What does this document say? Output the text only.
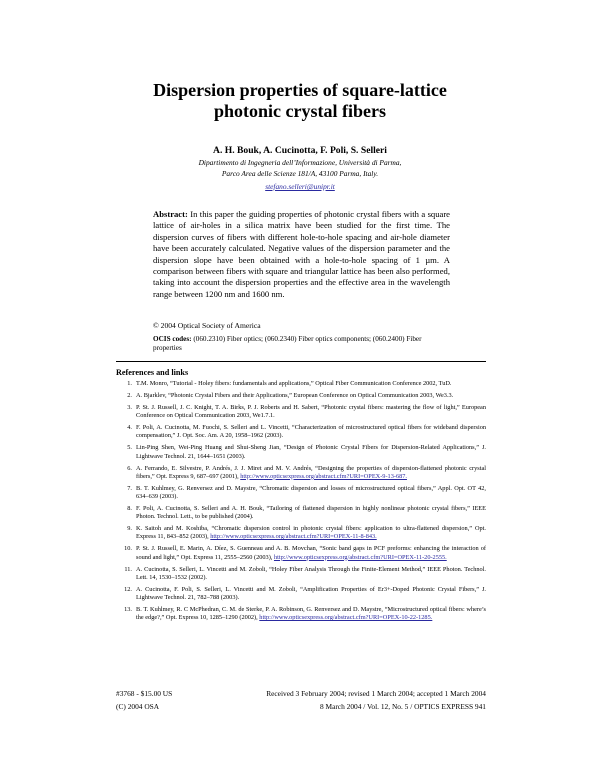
Dispersion properties of square-lattice
photonic crystal fibers
A. H. Bouk, A. Cucinotta, F. Poli, S. Selleri
Dipartimento di Ingegneria dell’Informazione, Università di Parma,
Parco Area delle Scienze 181/A, 43100 Parma, Italy.
stefano.selleri@unipr.it
Abstract: In this paper the guiding properties of photonic crystal fibers with a square lattice of air-holes in a silica matrix have been studied for the first time. The dispersion curves of fibers with different hole-to-hole spacing and air-hole diameter have been accurately calculated. Negative values of the dispersion parameter and the dispersion slope have been obtained with a hole-to-hole spacing of 1 µm. A comparison between fibers with square and triangular lattice has been also performed, taking into account the dispersion properties and the effective area in the wavelength range between 1200 nm and 1600 nm.
© 2004 Optical Society of America
OCIS codes: (060.2310) Fiber optics; (060.2340) Fiber optics components; (060.2400) Fiber properties
References and links
1. T.M. Monro, “Tutorial - Holey fibers: fundamentals and applications,” Optical Fiber Communication Conference 2002, TuD.
2. A. Bjarklev, “Photonic Crystal Fibers and their Applications,” European Conference on Optical Communication 2003, We3.3.
3. P. St. J. Russell, J. C. Knight, T. A. Birks, P. J. Roberts and H. Sabert, “Photonic crystal fibers: mastering the flow of light,” European Conference on Optical Communication 2003, We1.7.1.
4. F. Poli, A. Cucinotta, M. Fuochi, S. Selleri and L. Vincetti, “Characterization of microstructured optical fibers for wideband dispersion compensation,” J. Opt. Soc. Am. A 20, 1958–1962 (2003).
5. Lin-Ping Shen, Wei-Ping Huang and Shui-Sheng Jian, “Design of Photonic Crystal Fibers for Dispersion-Related Applications,” J. Lightwave Technol. 21, 1644–1651 (2003).
6. A. Ferrando, E. Silvestre, P. Andrés, J. J. Miret and M. V. Andrés, “Designing the properties of dispersion-flattened photonic crystal fibers,” Opt. Express 9, 687–697 (2001), http://www.opticsexpress.org/abstract.cfm?URI=OPEX-9-13-687.
7. B. T. Kuhlmey, G. Renversez and D. Maystre, “Chromatic dispersion and losses of microstructured optical fibers,” Appl. Opt. OT 42, 634–639 (2003).
8. F. Poli, A. Cucinotta, S. Selleri and A. H. Bouk, “Tailoring of flattened dispersion in highly nonlinear photonic crystal fibers,” IEEE Photon. Technol. Lett., to be published (2004).
9. K. Saitoh and M. Koshiba, “Chromatic dispersion control in photonic crystal fibers: application to ultra-flattened dispersion,” Opt. Express 11, 843–852 (2003), http://www.opticsexpress.org/abstract.cfm?URI=OPEX-11-8-843.
10. P. St. J. Russell, E. Marin, A. Díez, S. Guenneau and A. B. Movchan, “Sonic band gaps in PCF preforms: enhancing the interaction of sound and light,” Opt. Express 11, 2555–2560 (2003), http://www.opticsexpress.org/abstract.cfm?URI=OPEX-11-20-2555.
11. A. Cucinotta, S. Selleri, L. Vincetti and M. Zoboli, “Holey Fiber Analysis Through the Finite-Element Method,” IEEE Photon. Technol. Lett. 14, 1530–1532 (2002).
12. A. Cucinotta, F. Poli, S. Selleri, L. Vincetti and M. Zoboli, “Amplification Properties of Er3+-Doped Photonic Crystal Fibers,” J. Lightwave Technol. 21, 782–788 (2003).
13. B. T. Kuhlmey, R. C McPhedran, C. M. de Sterke, P. A. Robinson, G. Renversez and D. Maystre, “Microstructured optical fibers: where’s the edge?,” Opt. Express 10, 1285–1290 (2002), http://www.opticsexpress.org/abstract.cfm?URI=OPEX-10-22-1285.
#3768 - $15.00 US	Received 3 February 2004; revised 1 March 2004; accepted 1 March 2004
(C) 2004 OSA	8 March 2004 / Vol. 12, No. 5 / OPTICS EXPRESS 941
